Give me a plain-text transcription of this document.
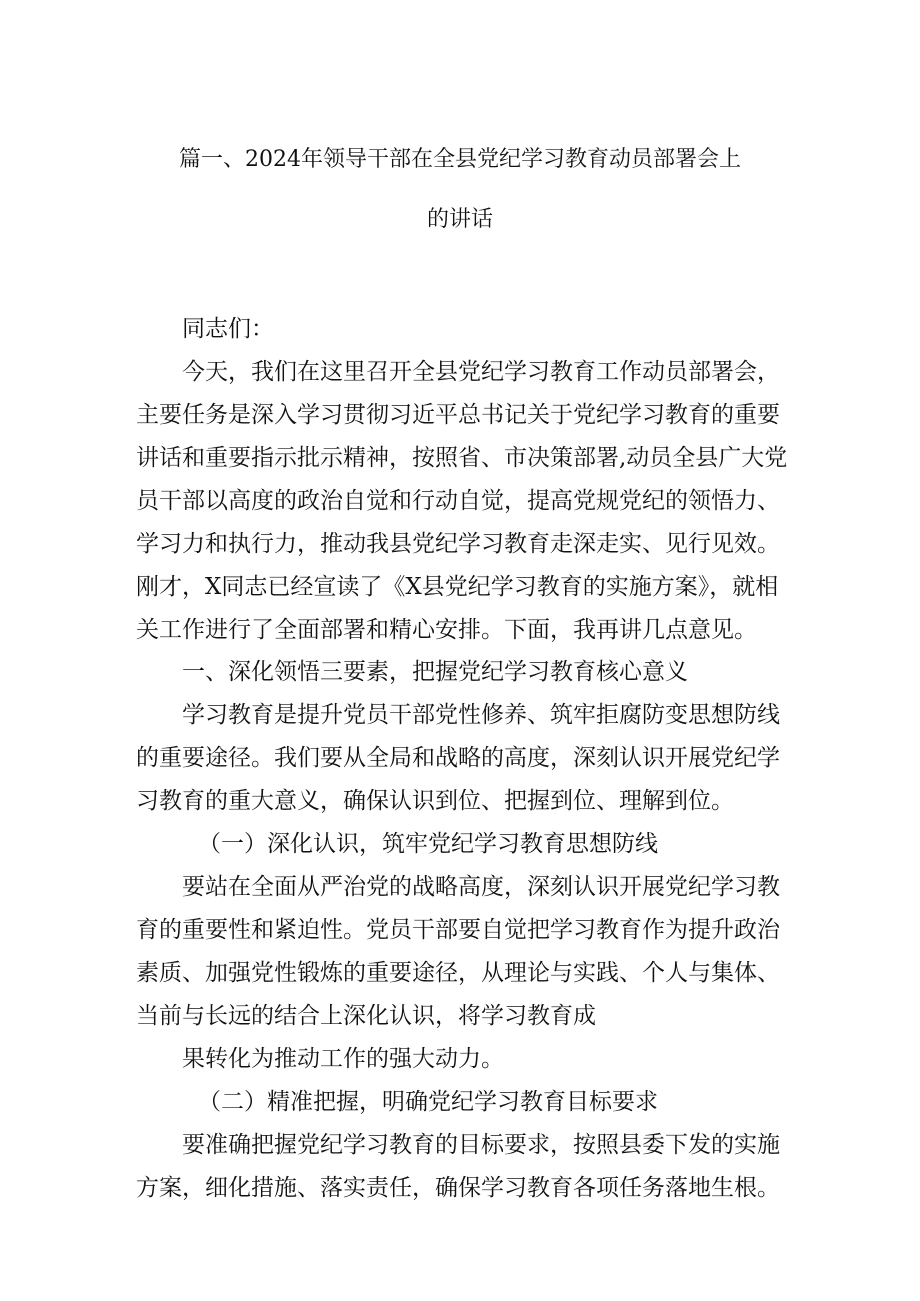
篇一、2024年领导干部在全县党纪学习教育动员部署会上
的讲话
同志们：
今天，我们在这里召开全县党纪学习教育工作动员部署会，
主要任务是深入学习贯彻习近平总书记关于党纪学习教育的重要
讲话和重要指示批示精神，按照省、市决策部署,动员全县广大党
员干部以高度的政治自觉和行动自觉，提高党规党纪的领悟力、
学习力和执行力，推动我县党纪学习教育走深走实、见行见效。
刚才，X同志已经宣读了《X县党纪学习教育的实施方案》，就相
关工作进行了全面部署和精心安排。下面，我再讲几点意见。
一、深化领悟三要素，把握党纪学习教育核心意义
学习教育是提升党员干部党性修养、筑牢拒腐防变思想防线
的重要途径。我们要从全局和战略的高度，深刻认识开展党纪学
习教育的重大意义，确保认识到位、把握到位、理解到位。
（一）深化认识，筑牢党纪学习教育思想防线
要站在全面从严治党的战略高度，深刻认识开展党纪学习教
育的重要性和紧迫性。党员干部要自觉把学习教育作为提升政治
素质、加强党性锻炼的重要途径，从理论与实践、个人与集体、
当前与长远的结合上深化认识，将学习教育成
果转化为推动工作的强大动力。
（二）精准把握，明确党纪学习教育目标要求
要准确把握党纪学习教育的目标要求，按照县委下发的实施
方案，细化措施、落实责任，确保学习教育各项任务落地生根。
